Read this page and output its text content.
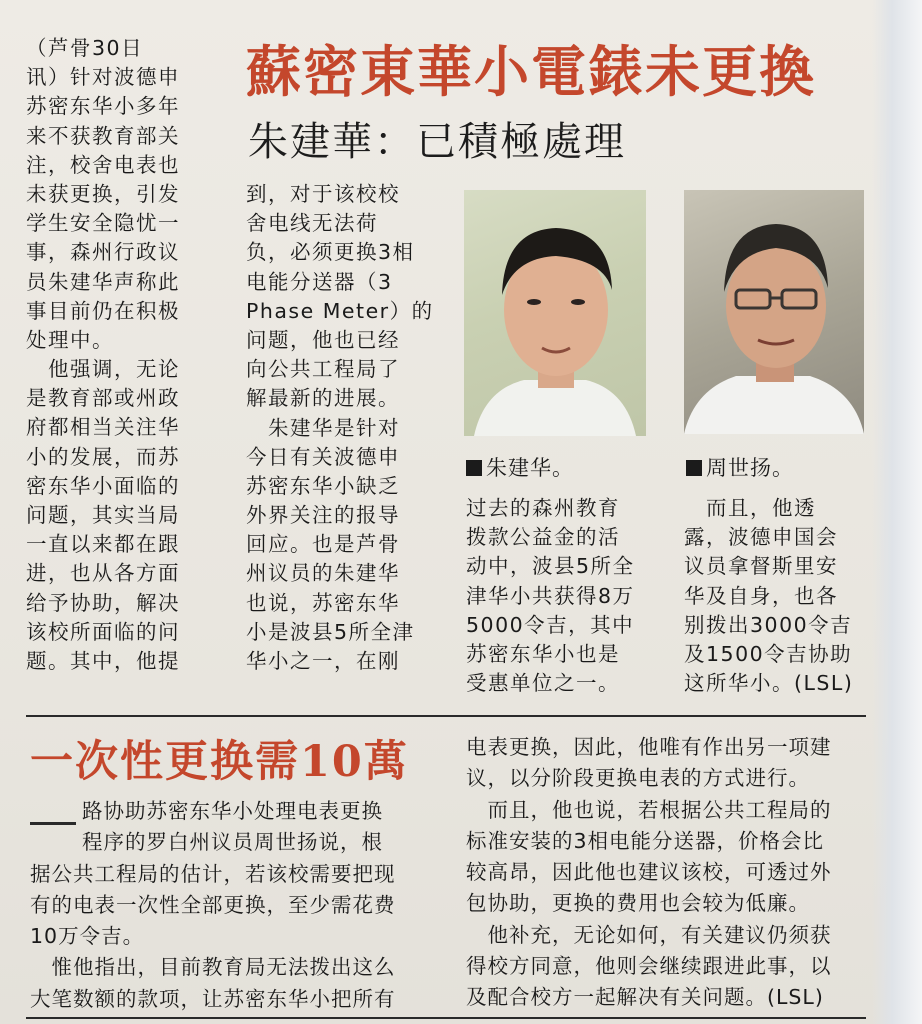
蘇密東華小電錶未更換
朱建華：已積極處理
（芦骨30日
讯）针对波德申
苏密东华小多年
来不获教育部关
注，校舍电表也
未获更换，引发
学生安全隐忧一
事，森州行政议
员朱建华声称此
事目前仍在积极
处理中。
　他强调，无论
是教育部或州政
府都相当关注华
小的发展，而苏
密东华小面临的
问题，其实当局
一直以来都在跟
进，也从各方面
给予协助，解决
该校所面临的问
题。其中，他提
到，对于该校校
舍电线无法荷
负，必须更换3相
电能分送器（3
Phase Meter）的
问题，他也已经
向公共工程局了
解最新的进展。
　朱建华是针对
今日有关波德申
苏密东华小缺乏
外界关注的报导
回应。也是芦骨
州议员的朱建华
也说，苏密东华
小是波县5所全津
华小之一，在刚
朱建华。	周世扬。
过去的森州教育
拨款公益金的活
动中，波县5所全
津华小共获得8万
5000令吉，其中
苏密东华小也是
受惠单位之一。
　而且，他透
露，波德申国会
议员拿督斯里安
华及自身，也各
别拨出3000令吉
及1500令吉协助
这所华小。(LSL)
一次性更换需10萬
路协助苏密东华小处理电表更换
程序的罗白州议员周世扬说，根
据公共工程局的估计，若该校需要把现
有的电表一次性全部更换，至少需花费
10万令吉。
　惟他指出，目前教育局无法拨出这么
大笔数额的款项，让苏密东华小把所有
电表更换，因此，他唯有作出另一项建
议，以分阶段更换电表的方式进行。
　而且，他也说，若根据公共工程局的
标准安装的3相电能分送器，价格会比
较高昂，因此他也建议该校，可透过外
包协助，更换的费用也会较为低廉。
　他补充，无论如何，有关建议仍须获
得校方同意，他则会继续跟进此事，以
及配合校方一起解决有关问题。(LSL)
